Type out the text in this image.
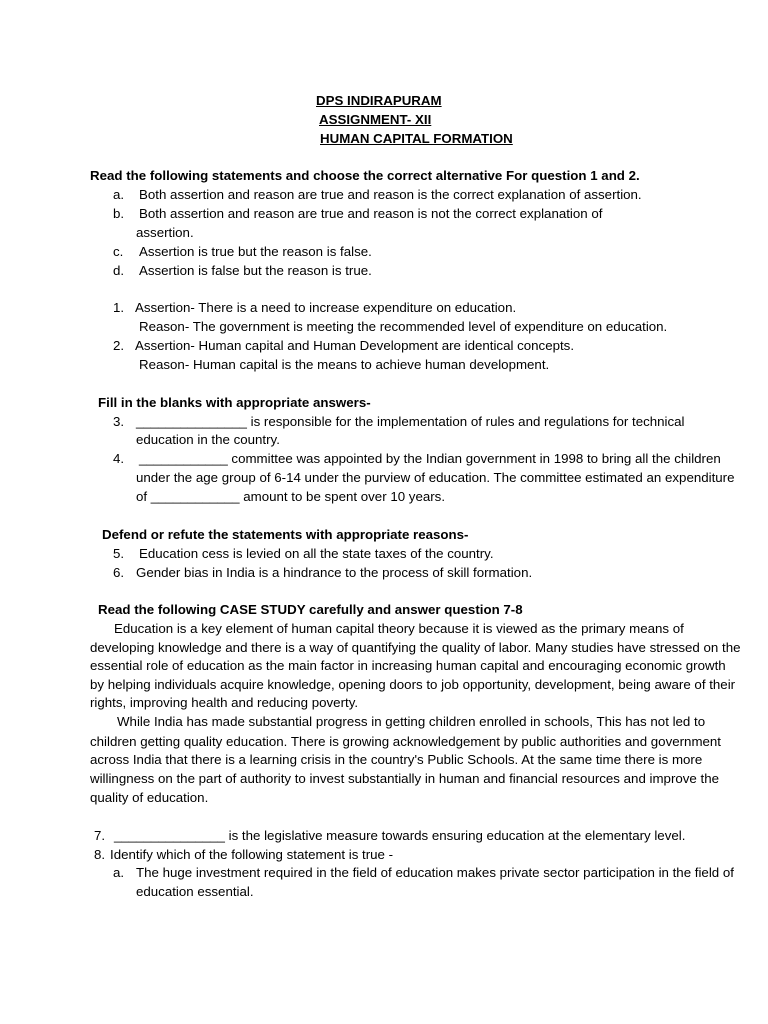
DPS INDIRAPURAM
ASSIGNMENT- XII
HUMAN CAPITAL FORMATION
Read the following statements and choose the correct alternative For question 1 and 2.
a. Both assertion and reason are true and reason is the correct explanation of assertion.
b. Both assertion and reason are true and reason is not the correct explanation of
assertion.
c. Assertion is true but the reason is false.
d. Assertion is false but the reason is true.
1. Assertion- There is a need to increase expenditure on education.
Reason- The government is meeting the recommended level of expenditure on education.
2. Assertion- Human capital and Human Development are identical concepts.
Reason- Human capital is the means to achieve human development.
Fill in the blanks with appropriate answers-
3. _______________ is responsible for the implementation of rules and regulations for technical
education in the country.
4. ____________ committee was appointed by the Indian government in 1998 to bring all the children
under the age group of 6-14 under the purview of education. The committee estimated an expenditure
of ____________ amount to be spent over 10 years.
Defend or refute the statements with appropriate reasons-
5. Education cess is levied on all the state taxes of the country.
6. Gender bias in India is a hindrance to the process of skill formation.
Read the following CASE STUDY carefully and answer question 7-8
Education is a key element of human capital theory because it is viewed as the primary means of
developing knowledge and there is a way of quantifying the quality of labor. Many studies have stressed on the
essential role of education as the main factor in increasing human capital and encouraging economic growth
by helping individuals acquire knowledge, opening doors to job opportunity, development, being aware of their
rights, improving health and reducing poverty.
While India has made substantial progress in getting children enrolled in schools, This has not led to
children getting quality education. There is growing acknowledgement by public authorities and government
across India that there is a learning crisis in the country's Public Schools. At the same time there is more
willingness on the part of authority to invest substantially in human and financial resources and improve the
quality of education.
7. _______________ is the legislative measure towards ensuring education at the elementary level.
8. Identify which of the following statement is true -
a. The huge investment required in the field of education makes private sector participation in the field of
education essential.
